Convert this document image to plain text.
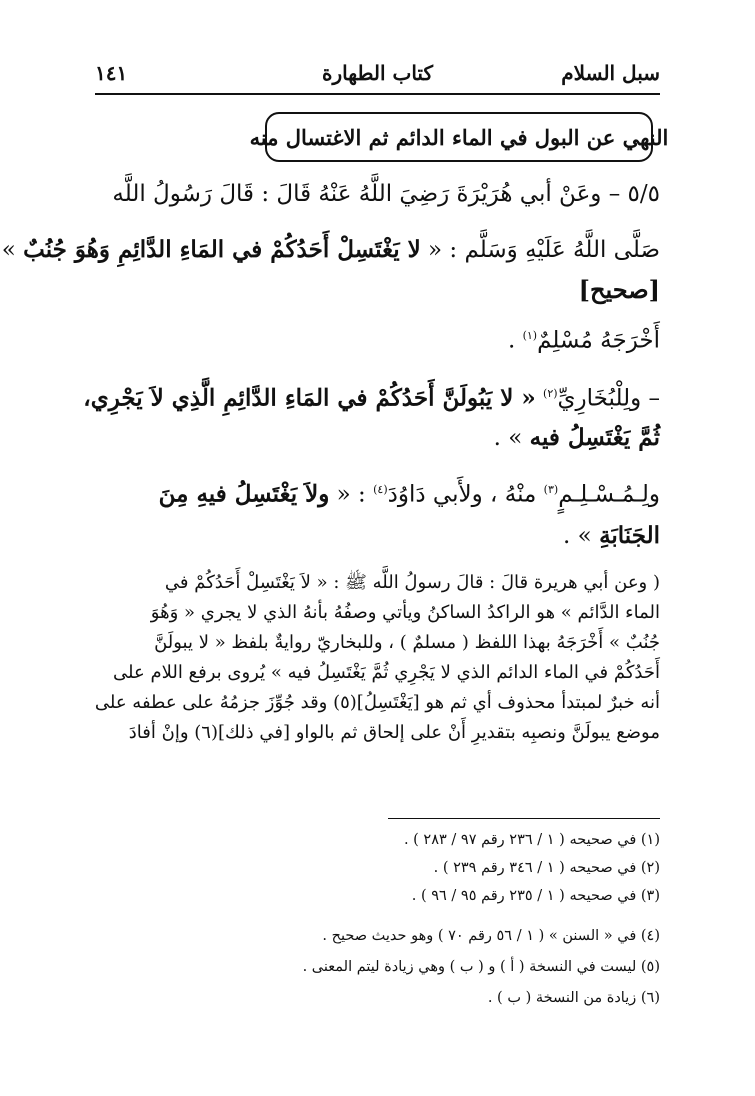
سبل السلام
كتاب الطهارة
١٤١
النهي عن البول في الماء الدائم ثم الاغتسال منه
٥/٥ – وعَنْ أبي هُرَيْرَةَ رَضِيَ اللَّهُ عَنْهُ قَالَ : قَالَ رَسُولُ اللَّه
صَلَّى اللَّهُ عَلَيْهِ وَسَلَّم : « لا يَغْتَسِلْ أَحَدُكُمْ في المَاءِ الدَّائِمِ وَهُوَ جُنُبٌ »
[صحيح]
أَخْرَجَهُ مُسْلِمٌ$^{(١)}$ .
– ولِلْبُخَارِيِّ$^{(٢)}$ « لا يَبُولَنَّ أَحَدُكُمْ في المَاءِ الدَّائِمِ الَّذِي لاَ يَجْرِي،
ثُمَّ يَغْتَسِلُ فيه » .
ولِـمُـسْـلِـمٍ$^{(٣)}$ منْهُ ، ولأَبي دَاوُدَ$^{(٤)}$ : « ولاَ يَغْتَسِلُ فيهِ مِنَ
الجَنَابَةِ » .
( وعن أبي هريرة قالَ : قالَ رسولُ اللَّه ﷺ : « لاَ يَغْتَسِلْ أَحَدُكُمْ في
الماء الدَّائم » هو الراكدُ الساكنُ ويأتي وصفُهُ بأنهُ الذي لا يجري « وَهُوَ
جُنُبٌ » أَخْرَجَهُ بهذا اللفظ ( مسلمٌ ) ، وللبخاريّ روايةٌ بلفظ « لا يبولَنَّ
أَحَدُكُمْ في الماء الدائم الذي لا يَجْرِي ثُمَّ يَغْتَسِلُ فيه » يُروى برفع اللام على
أنه خبرٌ لمبتدأ محذوف أي ثم هو [يَغْتَسِلُ](٥) وقد جُوِّزَ جزمُهُ على عطفه على
موضع يبولَنَّ ونصبِه بتقديرِ أَنْ على إلحاق ثم بالواو [في ذلك](٦) وإنْ أفادَ
(١) في صحيحه ( ١ / ٢٣٦ رقم ٩٧ / ٢٨٣ ) .
(٢) في صحيحه ( ١ / ٣٤٦ رقم ٢٣٩ ) .
(٣) في صحيحه ( ١ / ٢٣٥ رقم ٩٥ / ٩٦ ) .
(٤) في « السنن » ( ١ / ٥٦ رقم ٧٠ ) وهو حديث صحيح .
(٥) ليست في النسخة ( أ ) و ( ب ) وهي زيادة ليتم المعنى .
(٦) زيادة من النسخة ( ب ) .
